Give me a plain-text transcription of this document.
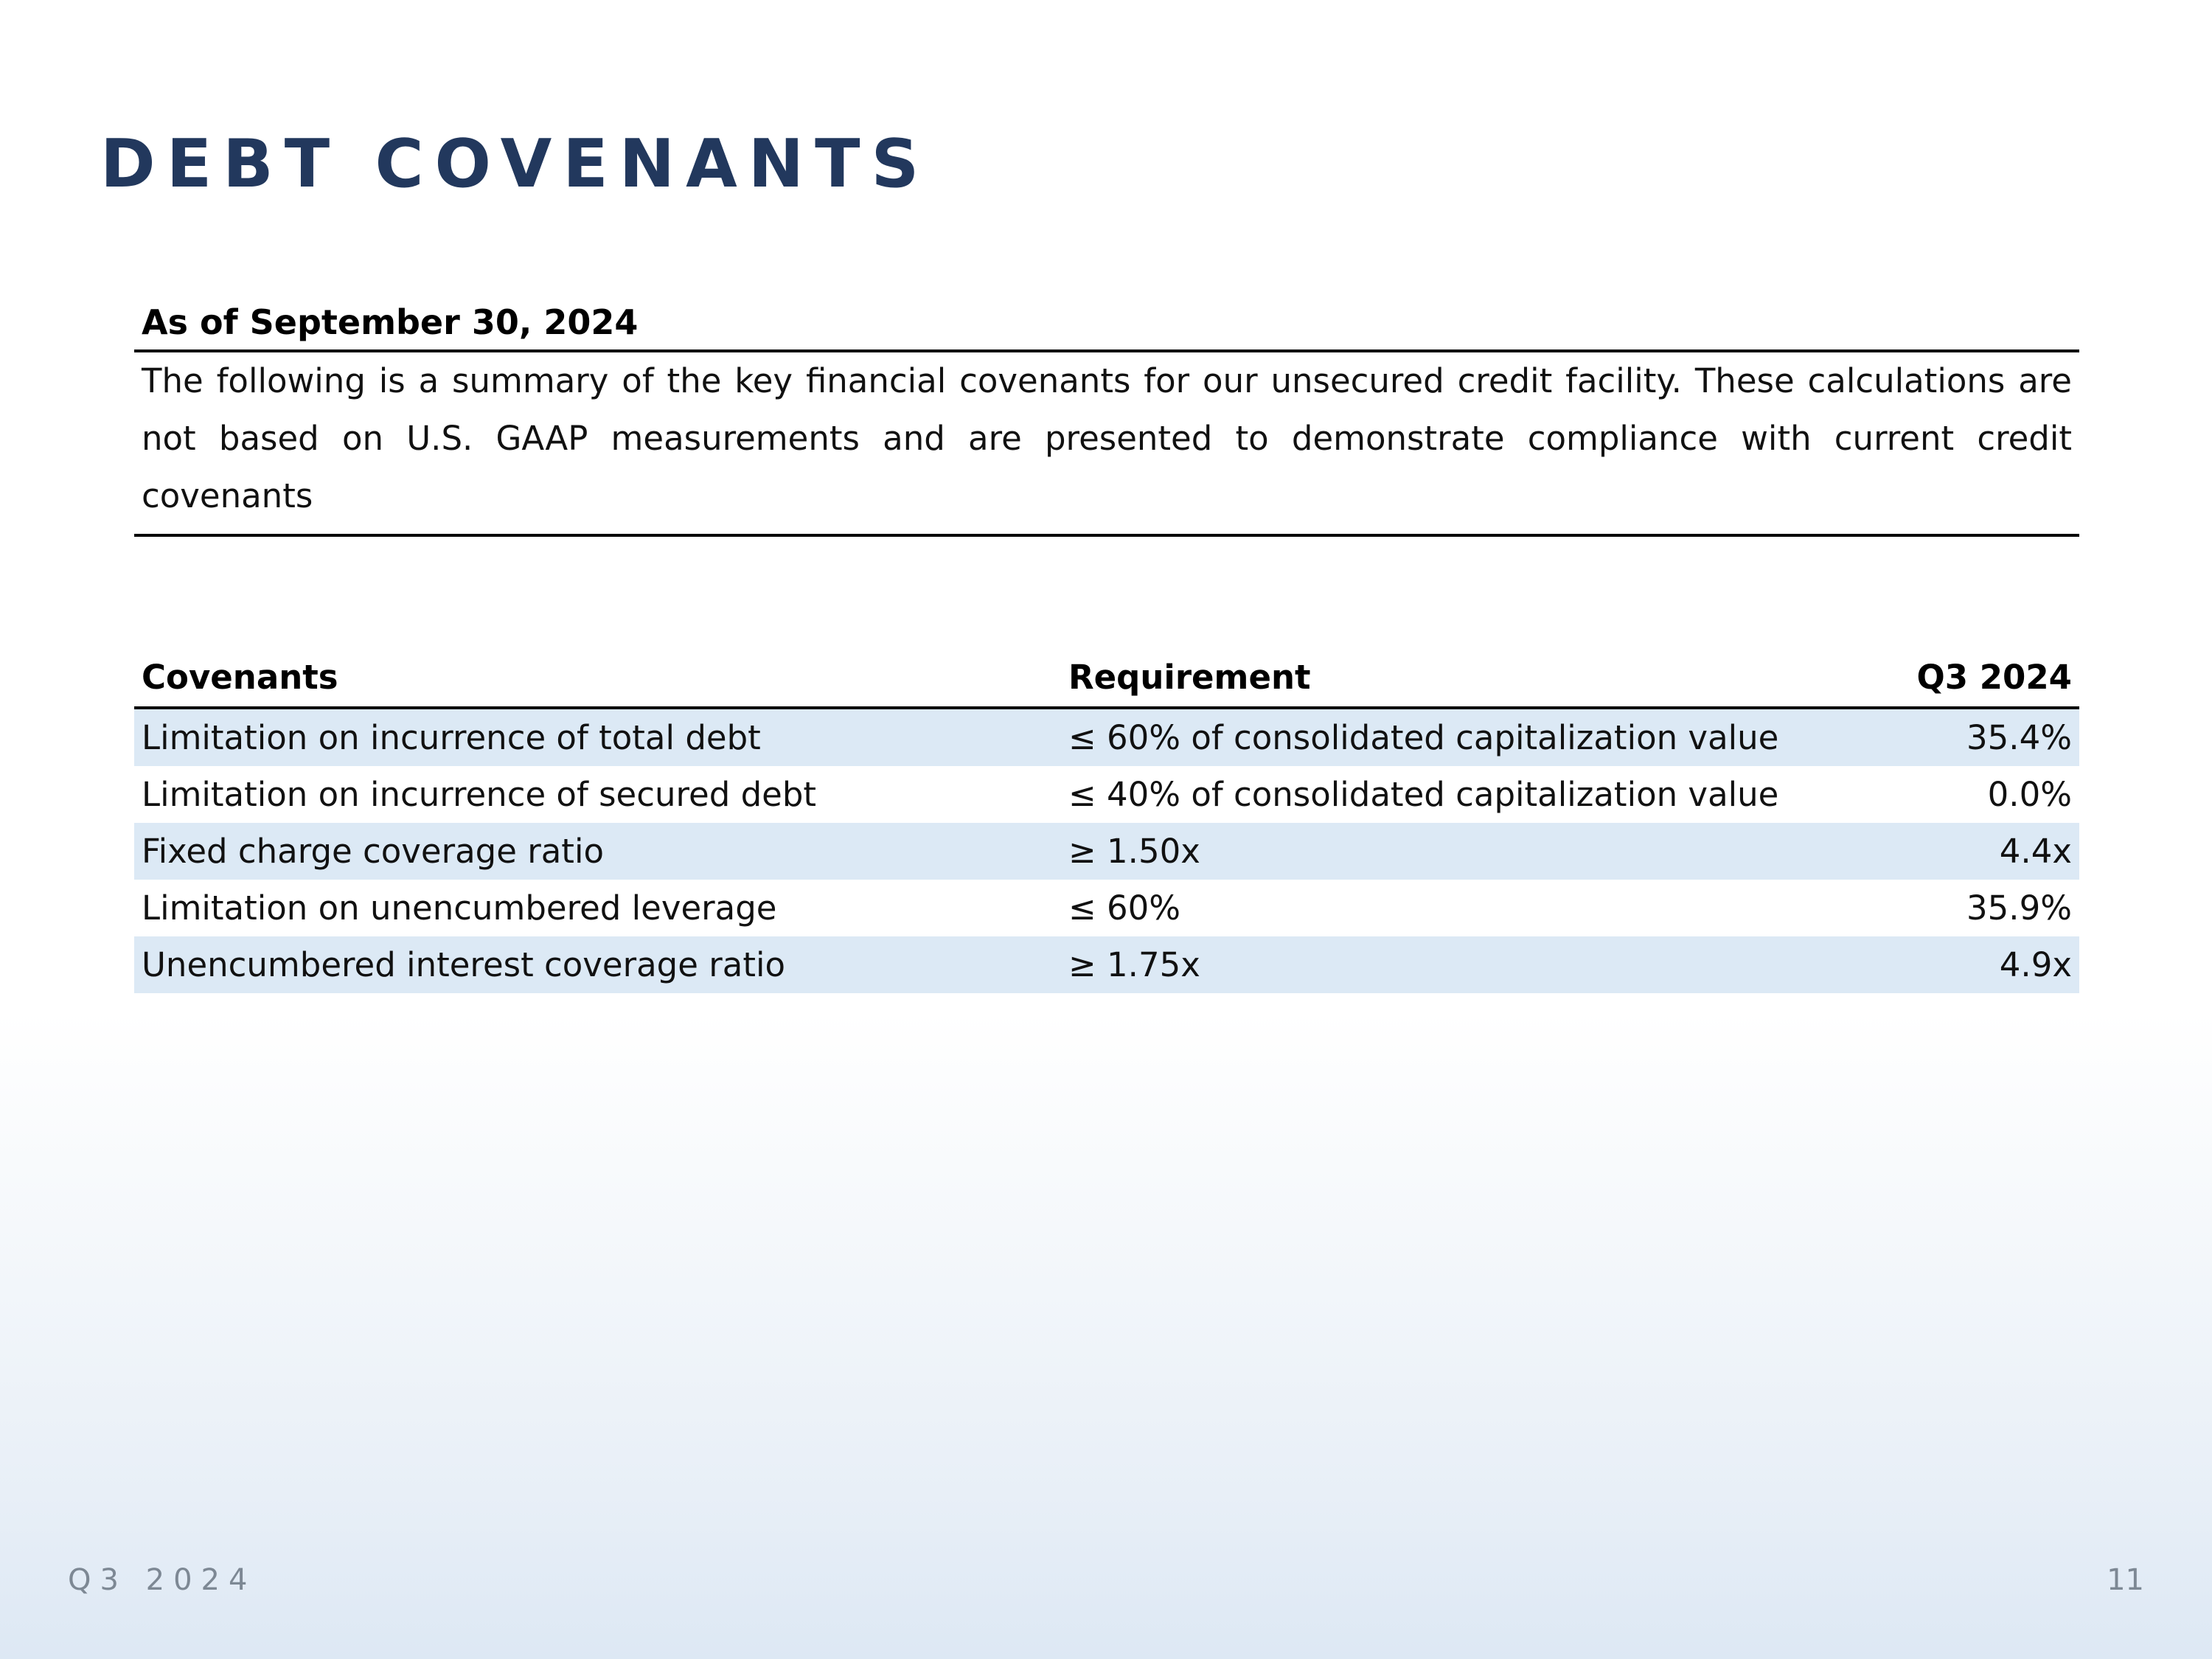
DEBT COVENANTS
As of September 30, 2024
The following is a summary of the key financial covenants for our unsecured credit facility. These calculations are not based on U.S. GAAP measurements and are presented to demonstrate compliance with current credit covenants
Covenants	Requirement	Q3 2024
Limitation on incurrence of total debt	≤ 60% of consolidated capitalization value	35.4%
Limitation on incurrence of secured debt	≤ 40% of consolidated capitalization value	0.0%
Fixed charge coverage ratio	≥ 1.50x	4.4x
Limitation on unencumbered leverage	≤ 60%	35.9%
Unencumbered interest coverage ratio	≥ 1.75x	4.9x
Q3 2024	11
